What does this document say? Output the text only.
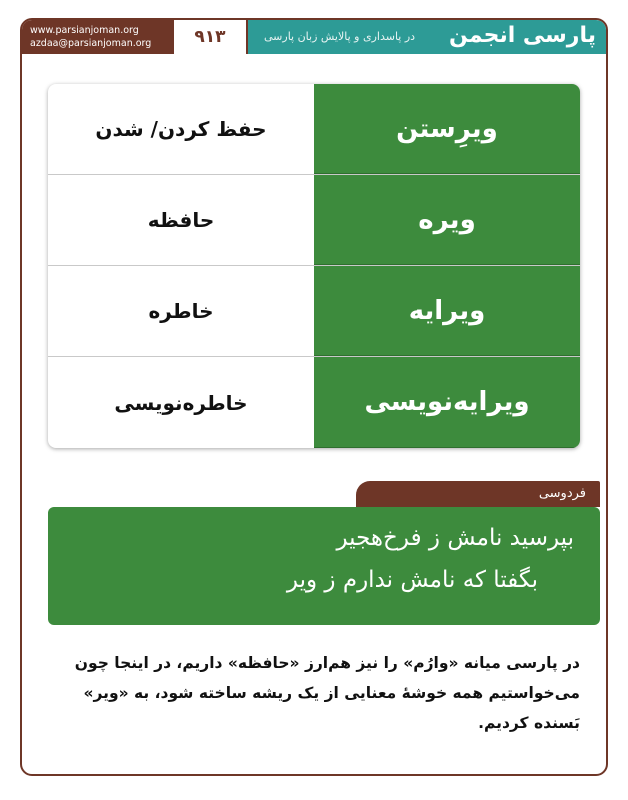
www.parsianjoman.org
azdaa@parsianjoman.org	۹۱۳	در پاسداری و پالایش زبان پارسی پارسی انجمن
ویرِستن
حفظ کردن/ شدن
ویره
حافظه
ویرایه
خاطره
ویرایه‌نویسی
خاطره‌نویسی
فردوسی
بپرسید نامش ز فرخ‌هجیر
بگفتا که نامش ندارم ز ویر
در پارسی میانه «وارُم» را نیز هم‌ارز «حافظه» داریم، در اینجا چون
می‌خواستیم همه خوشهٔ معنایی از یک ریشه ساخته شود، به «ویر»
بَسنده کردیم.
